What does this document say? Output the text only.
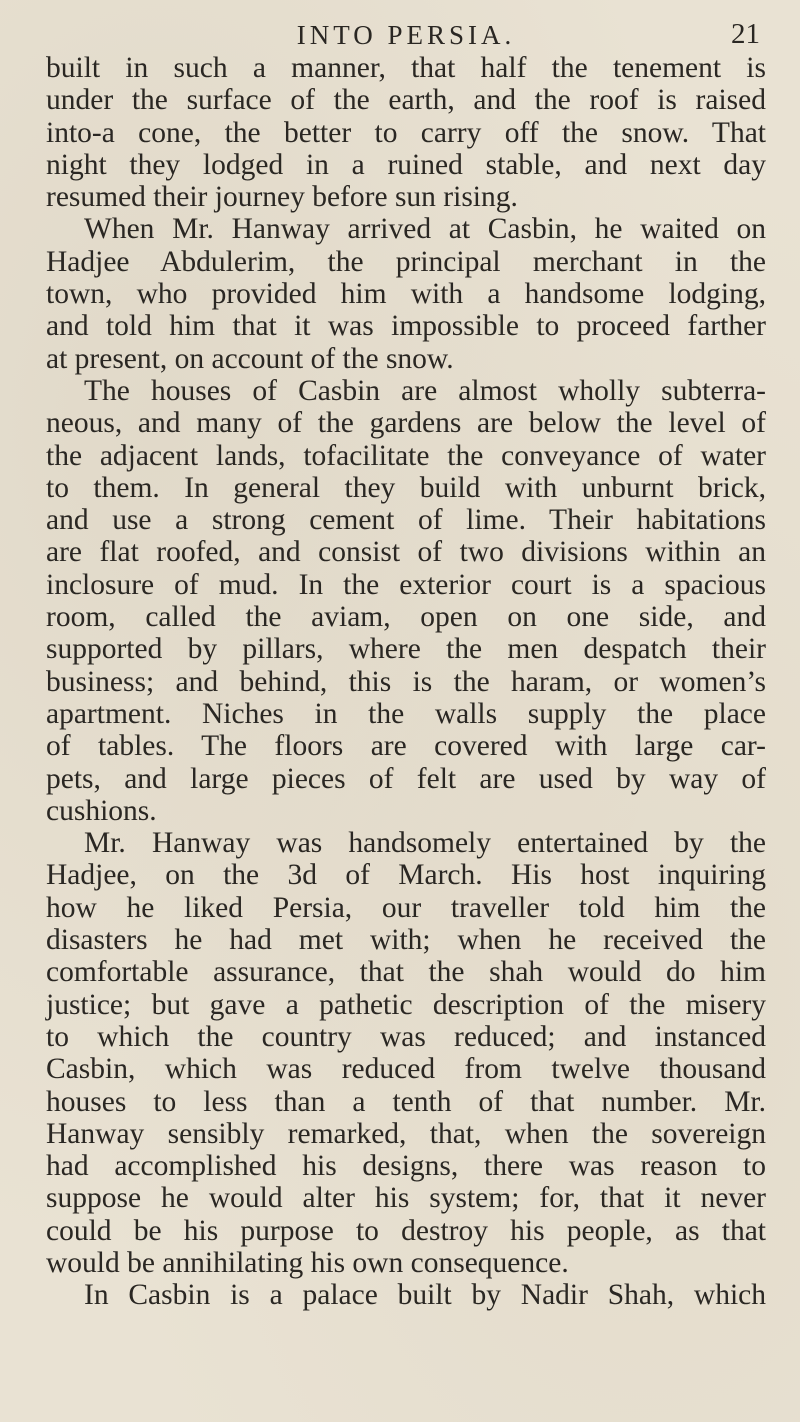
INTO PERSIA.	21

built in such a manner, that half the tenement is
under the surface of the earth, and the roof is raised
into-a cone, the better to carry off the snow. That
night they lodged in a ruined stable, and next day
resumed their journey before sun rising.

When Mr. Hanway arrived at Casbin, he waited on
Hadjee Abdulerim, the principal merchant in the
town, who provided him with a handsome lodging,
and told him that it was impossible to proceed farther
at present, on account of the snow.

The houses of Casbin are almost wholly subterra-
neous, and many of the gardens are below the level of
the adjacent lands, tofacilitate the conveyance of water
to them. In general they build with unburnt brick,
and use a strong cement of lime. Their habitations
are flat roofed, and consist of two divisions within an
inclosure of mud. In the exterior court is a spacious
room, called the aviam, open on one side, and
supported by pillars, where the men despatch their
business; and behind, this is the haram, or women’s
apartment. Niches in the walls supply the place
of tables. The floors are covered with large car-
pets, and large pieces of felt are used by way of
cushions.

Mr. Hanway was handsomely entertained by the
Hadjee, on the 3d of March. His host inquiring
how he liked Persia, our traveller told him the
disasters he had met with; when he received the
comfortable assurance, that the shah would do him
justice; but gave a pathetic description of the misery
to which the country was reduced; and instanced
Casbin, which was reduced from twelve thousand
houses to less than a tenth of that number. Mr.
Hanway sensibly remarked, that, when the sovereign
had accomplished his designs, there was reason to
suppose he would alter his system; for, that it never
could be his purpose to destroy his people, as that
would be annihilating his own consequence.

In Casbin is a palace built by Nadir Shah, which
